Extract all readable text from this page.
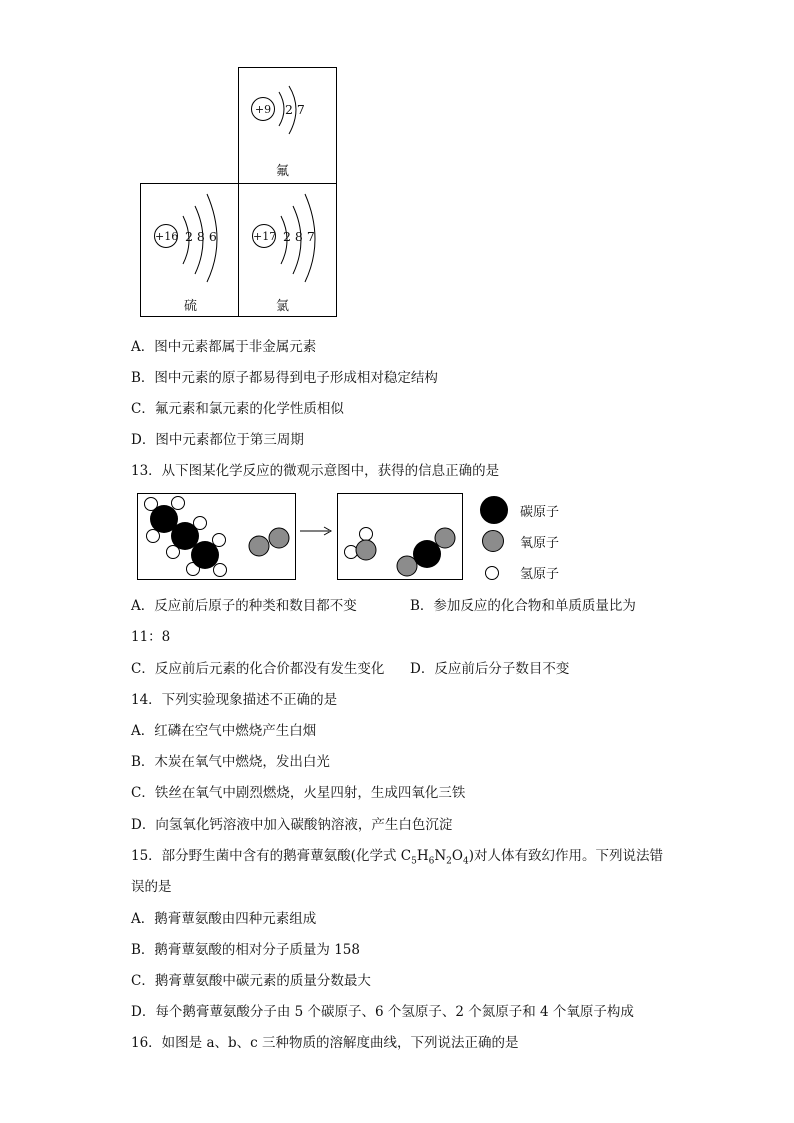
+9	2 7
氟
+16 2 8 6
硫
+17 2 8 7
氯
A．图中元素都属于非金属元素
B．图中元素的原子都易得到电子形成相对稳定结构
C．氟元素和氯元素的化学性质相似
D．图中元素都位于第三周期
13．从下图某化学反应的微观示意图中，获得的信息正确的是
碳原子
氧原子
氢原子
A．反应前后原子的种类和数目都不变	B．参加反应的化合物和单质质量比为
11：8
C．反应前后元素的化合价都没有发生变化 D．反应前后分子数目不变
14．下列实验现象描述不正确的是
A．红磷在空气中燃烧产生白烟
B．木炭在氧气中燃烧，发出白光
C．铁丝在氧气中剧烈燃烧，火星四射，生成四氧化三铁
D．向氢氧化钙溶液中加入碳酸钠溶液，产生白色沉淀
15．部分野生菌中含有的鹅膏蕈氨酸(化学式 $C_5H_6N_2O_4$)对人体有致幻作用。下列说法错
误的是
A．鹅膏蕈氨酸由四种元素组成
B．鹅膏蕈氨酸的相对分子质量为 158
C．鹅膏蕈氨酸中碳元素的质量分数最大
D．每个鹅膏蕈氨酸分子由 5 个碳原子、6 个氢原子、2 个氮原子和 4 个氧原子构成
16．如图是 a、b、c 三种物质的溶解度曲线，下列说法正确的是
